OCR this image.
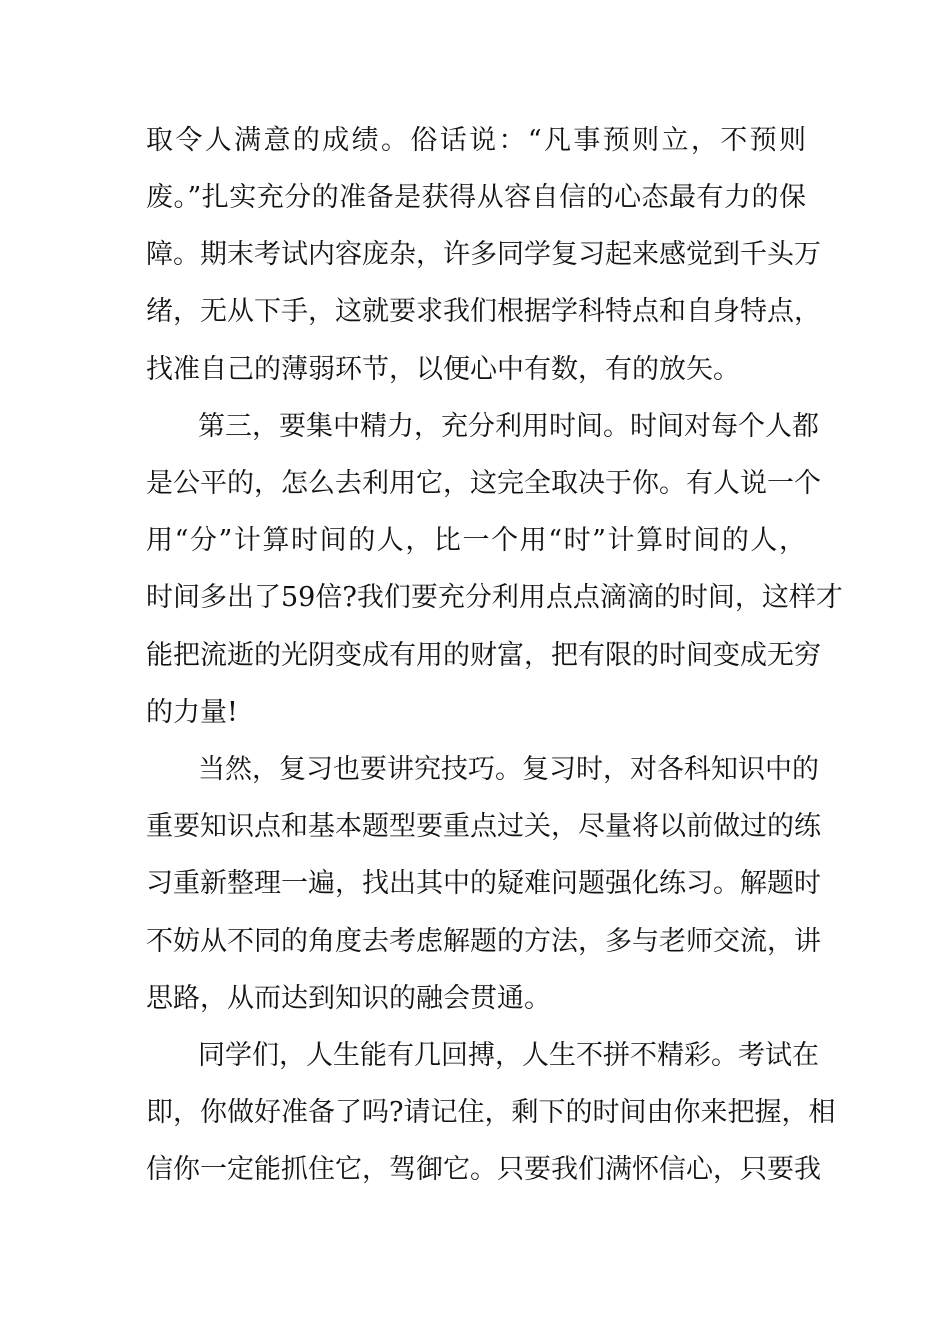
取令人满意的成绩。俗话说：“凡事预则立，不预则
废。”扎实充分的准备是获得从容自信的心态最有力的保
障。期末考试内容庞杂，许多同学复习起来感觉到千头万
绪，无从下手，这就要求我们根据学科特点和自身特点，
找准自己的薄弱环节，以便心中有数，有的放矢。
第三，要集中精力，充分利用时间。时间对每个人都
是公平的，怎么去利用它，这完全取决于你。有人说一个
用“分”计算时间的人，比一个用“时”计算时间的人，
时间多出了59倍?我们要充分利用点点滴滴的时间，这样才
能把流逝的光阴变成有用的财富，把有限的时间变成无穷
的力量!
当然，复习也要讲究技巧。复习时，对各科知识中的
重要知识点和基本题型要重点过关，尽量将以前做过的练
习重新整理一遍，找出其中的疑难问题强化练习。解题时
不妨从不同的角度去考虑解题的方法，多与老师交流，讲
思路，从而达到知识的融会贯通。
同学们，人生能有几回搏，人生不拼不精彩。考试在
即，你做好准备了吗?请记住，剩下的时间由你来把握，相
信你一定能抓住它，驾御它。只要我们满怀信心，只要我
